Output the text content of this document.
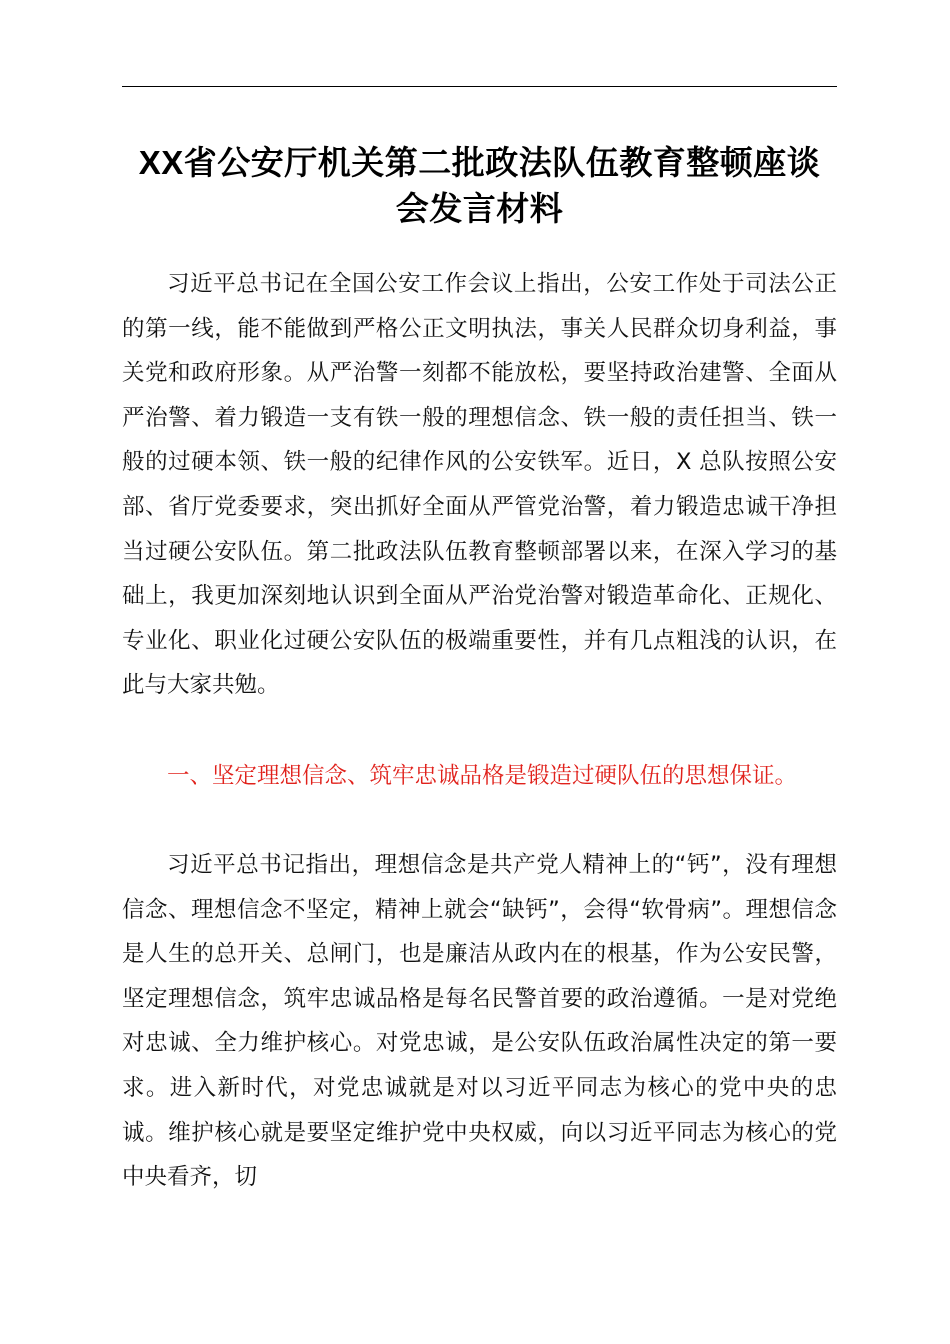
XX省公安厅机关第二批政法队伍教育整顿座谈会发言材料

习近平总书记在全国公安工作会议上指出，公安工作处于司法公正的第一线，能不能做到严格公正文明执法，事关人民群众切身利益，事关党和政府形象。从严治警一刻都不能放松，要坚持政治建警、全面从严治警、着力锻造一支有铁一般的理想信念、铁一般的责任担当、铁一般的过硬本领、铁一般的纪律作风的公安铁军。近日，X 总队按照公安部、省厅党委要求，突出抓好全面从严管党治警，着力锻造忠诚干净担当过硬公安队伍。第二批政法队伍教育整顿部署以来，在深入学习的基础上，我更加深刻地认识到全面从严治党治警对锻造革命化、正规化、专业化、职业化过硬公安队伍的极端重要性，并有几点粗浅的认识，在此与大家共勉。

一、坚定理想信念、筑牢忠诚品格是锻造过硬队伍的思想保证。

习近平总书记指出，理想信念是共产党人精神上的“钙”，没有理想信念、理想信念不坚定，精神上就会“缺钙”，会得“软骨病”。理想信念是人生的总开关、总闸门，也是廉洁从政内在的根基，作为公安民警，坚定理想信念，筑牢忠诚品格是每名民警首要的政治遵循。一是对党绝对忠诚、全力维护核心。对党忠诚，是公安队伍政治属性决定的第一要求。进入新时代，对党忠诚就是对以习近平同志为核心的党中央的忠诚。维护核心就是要坚定维护党中央权威，向以习近平同志为核心的党中央看齐，切
